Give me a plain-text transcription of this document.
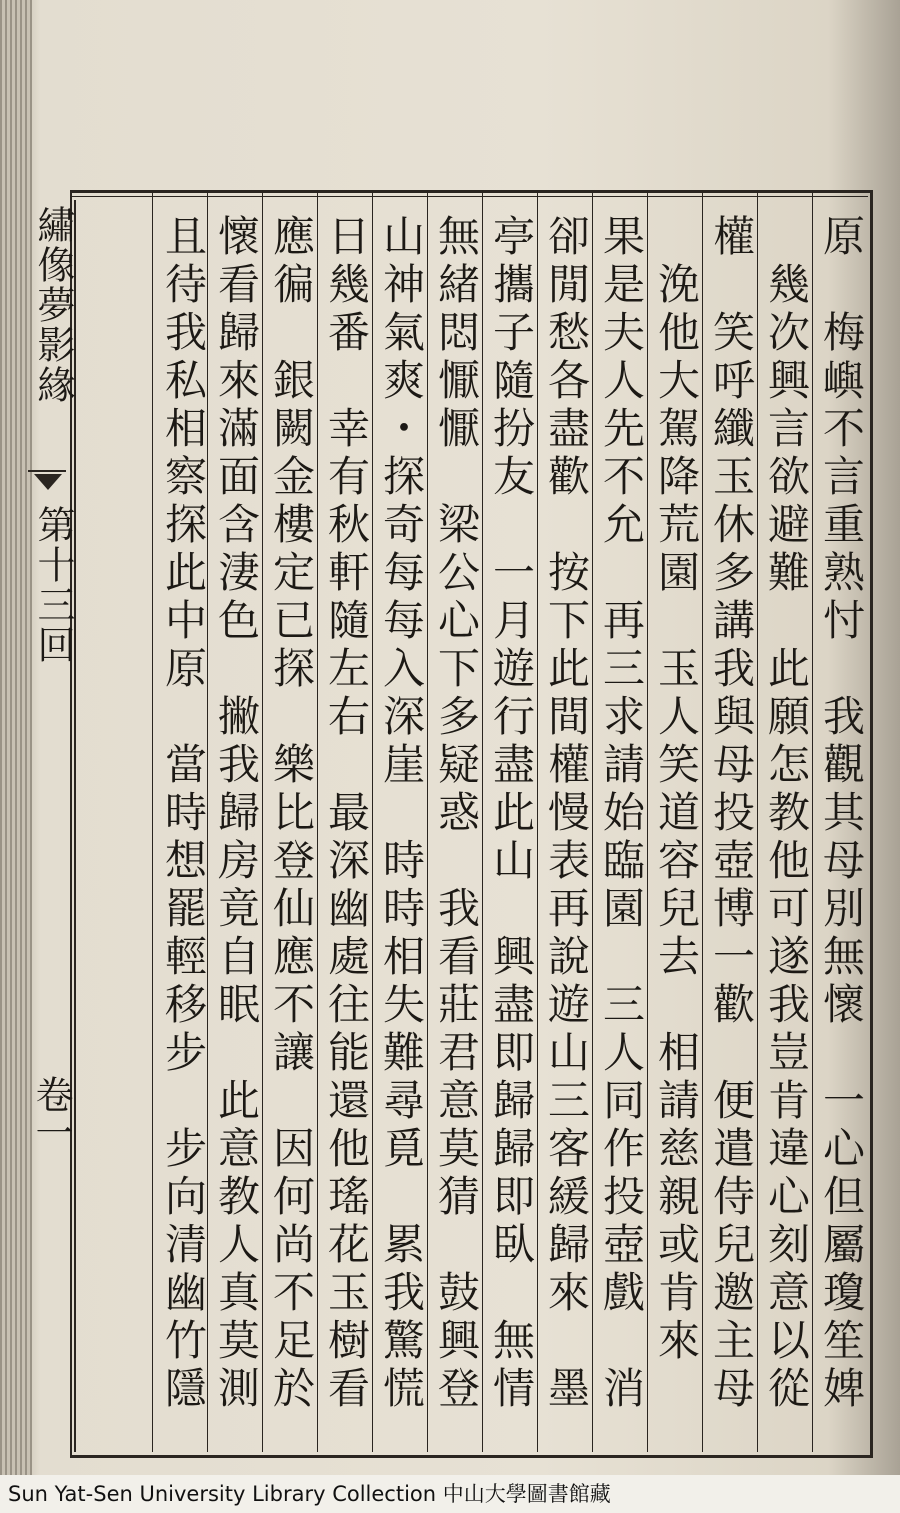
繡像夢影緣
第十三回
卷一	原　梅嶼不言重熟忖　我觀其母別無懷　一心但屬瓊笙婢
　幾次興言欲避難　此願怎教他可遂我豈肯違心刻意以從
權　笑呼纖玉休多講我與母投壺博一歡　便遣侍兒邀主母
　浼他大駕降荒園　玉人笑道容兒去　相請慈親或肯來
果是夫人先不允　再三求請始臨園　三人同作投壺戲　消
卻閒愁各盡歡　按下此間權慢表再說遊山三客緩歸來　墨
亭攜子隨扮友　一月遊行盡此山　興盡即歸歸即臥　無情
無緒悶懨懨　梁公心下多疑惑　我看莊君意莫猜　鼓興登
山神氣爽・探奇每每入深崖　時時相失難尋覓　累我驚慌
日幾番　幸有秋軒隨左右　最深幽處往能還他瑤花玉樹看
應徧　銀闕金樓定已探　樂比登仙應不讓　因何尚不足於
懷看歸來滿面含淒色　撇我歸房竟自眠　此意教人真莫測
且待我私相察探此中原　當時想罷輕移步　步向清幽竹隱
Sun Yat-Sen University Library Collection 中山大學圖書館藏
